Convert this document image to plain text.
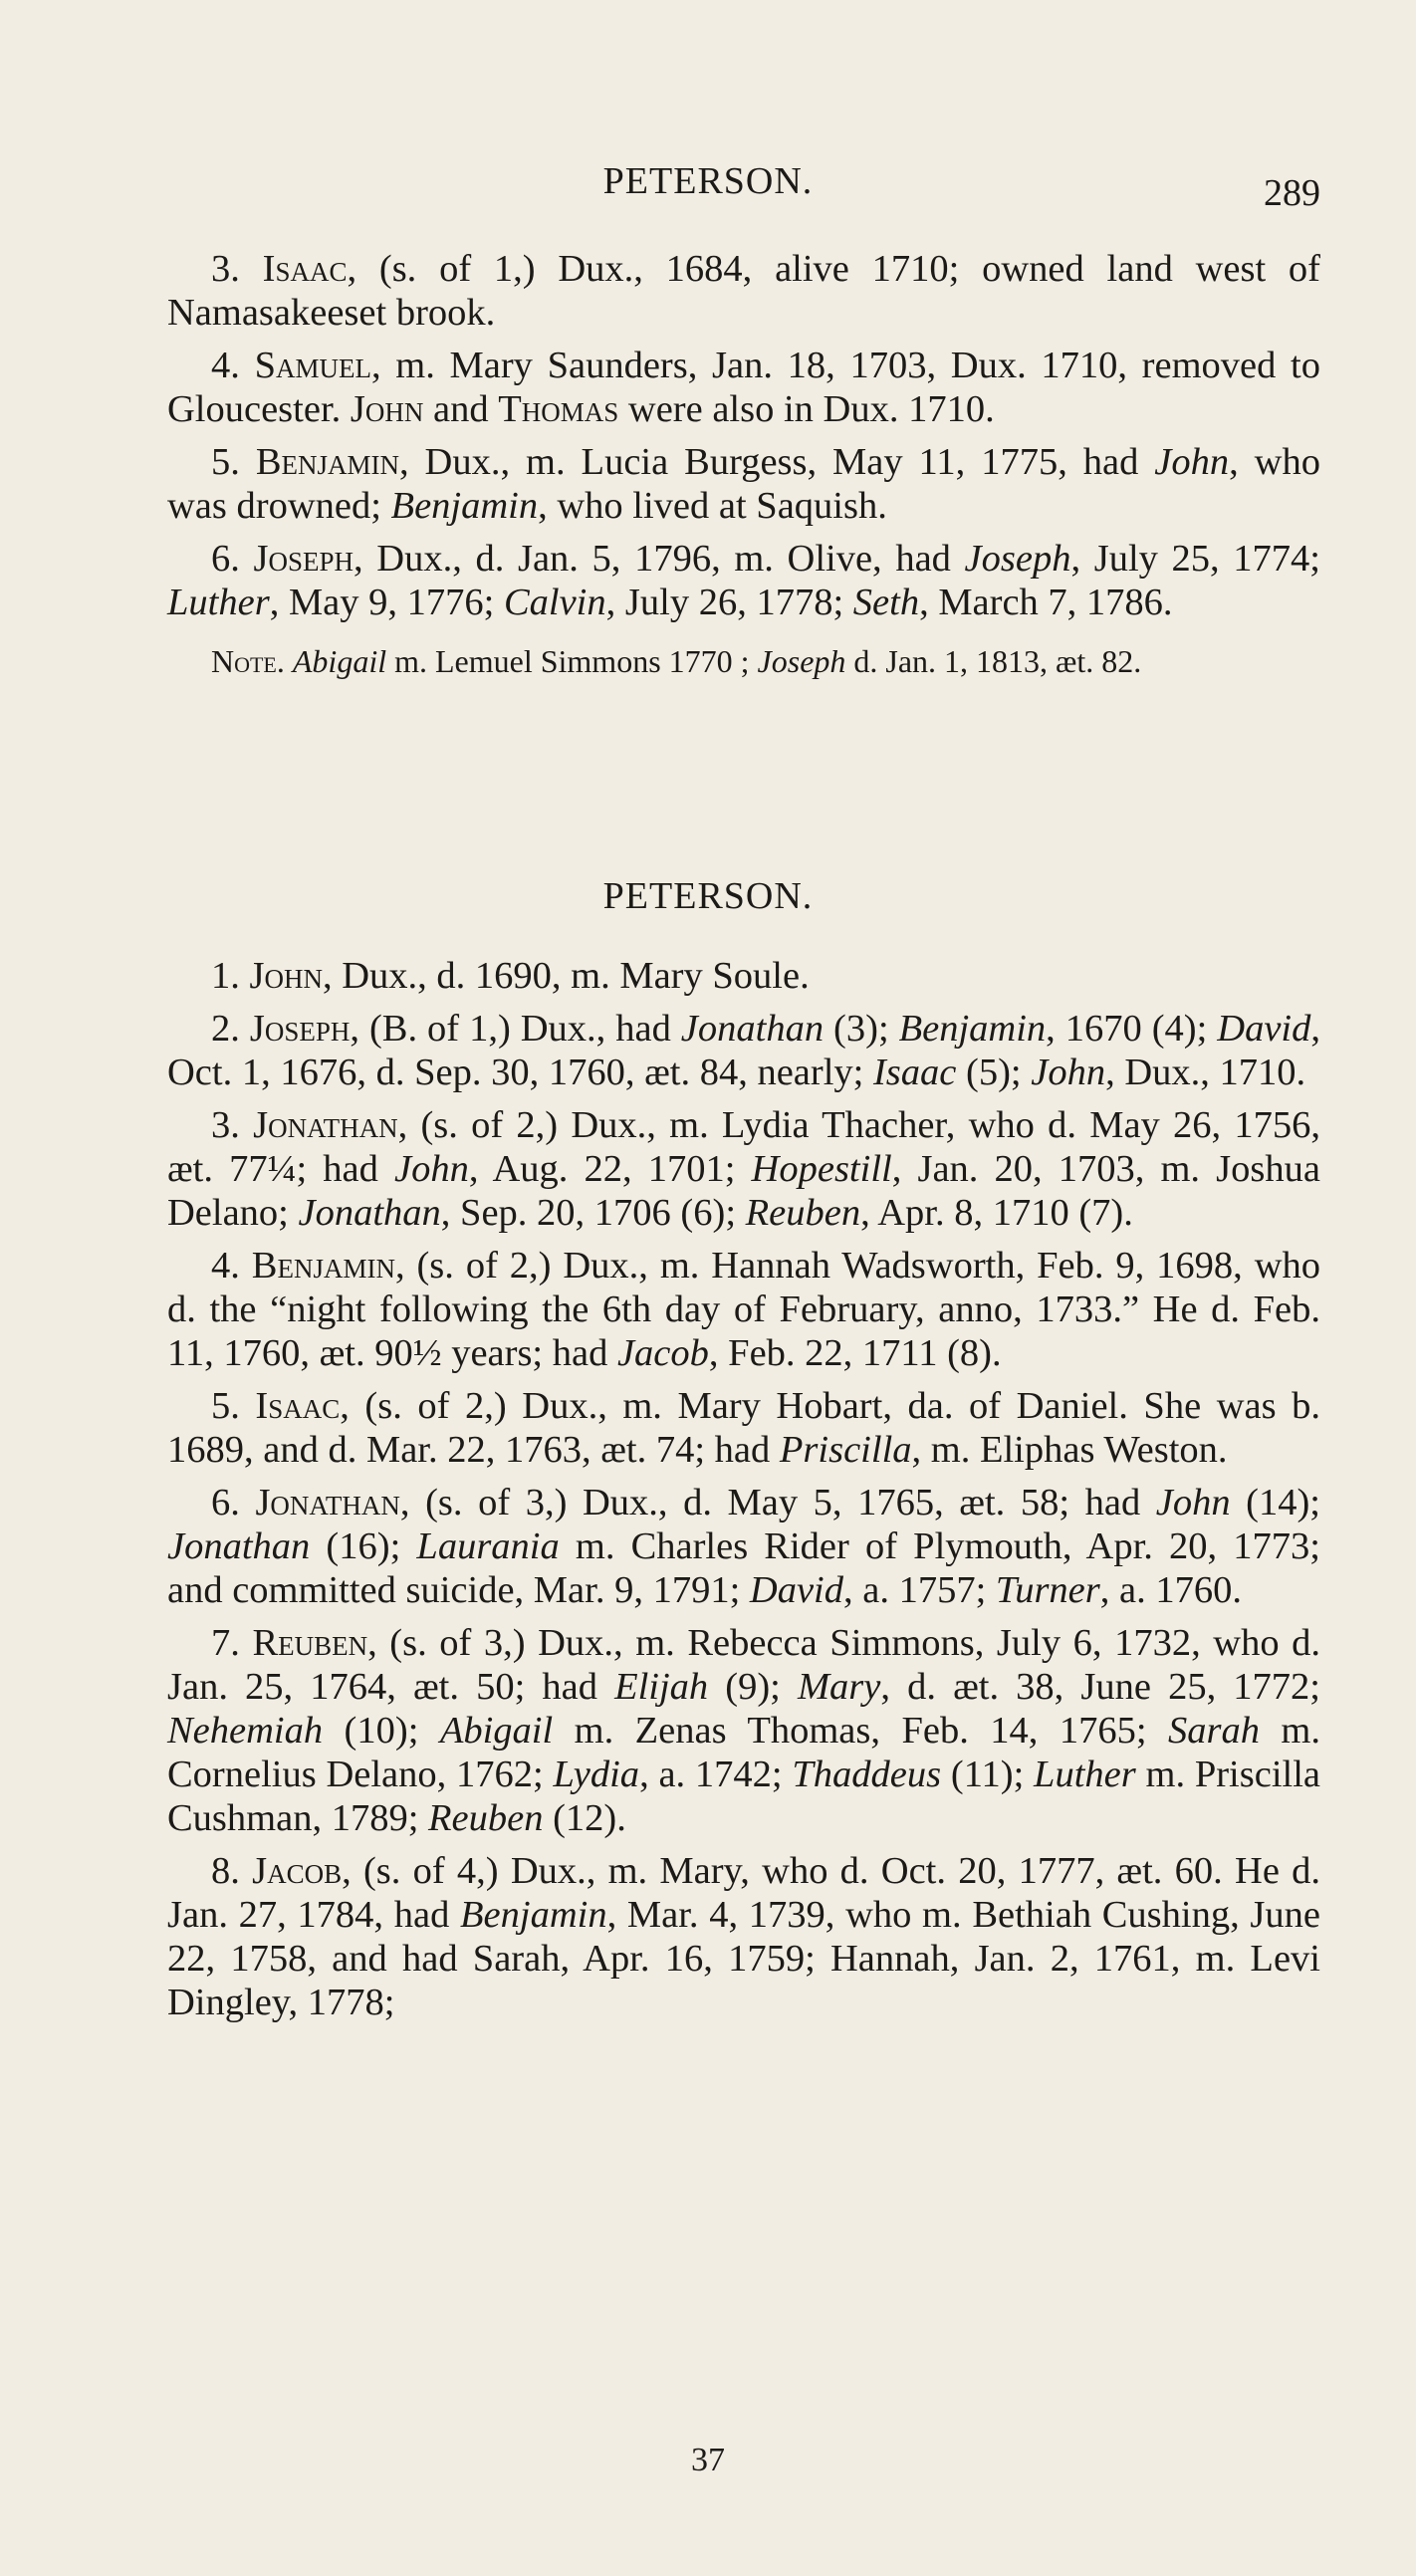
PETERSON.	289

3. Isaac, (s. of 1,) Dux., 1684, alive 1710; owned land west of Namasakeeset brook.

4. Samuel, m. Mary Saunders, Jan. 18, 1703, Dux. 1710, removed to Gloucester. John and Thomas were also in Dux. 1710.

5. Benjamin, Dux., m. Lucia Burgess, May 11, 1775, had John, who was drowned; Benjamin, who lived at Saquish.

6. Joseph, Dux., d. Jan. 5, 1796, m. Olive, had Joseph, July 25, 1774; Luther, May 9, 1776; Calvin, July 26, 1778; Seth, March 7, 1786.

Note. Abigail m. Lemuel Simmons 1770 ; Joseph d. Jan. 1, 1813, æt. 82.

PETERSON.

1. John, Dux., d. 1690, m. Mary Soule.

2. Joseph, (B. of 1,) Dux., had Jonathan (3); Benjamin, 1670 (4); David, Oct. 1, 1676, d. Sep. 30, 1760, æt. 84, nearly; Isaac (5); John, Dux., 1710.

3. Jonathan, (s. of 2,) Dux., m. Lydia Thacher, who d. May 26, 1756, æt. 77¼; had John, Aug. 22, 1701; Hopestill, Jan. 20, 1703, m. Joshua Delano; Jonathan, Sep. 20, 1706 (6); Reuben, Apr. 8, 1710 (7).

4. Benjamin, (s. of 2,) Dux., m. Hannah Wadsworth, Feb. 9, 1698, who d. the “night following the 6th day of February, anno, 1733.” He d. Feb. 11, 1760, æt. 90½ years; had Jacob, Feb. 22, 1711 (8).

5. Isaac, (s. of 2,) Dux., m. Mary Hobart, da. of Daniel. She was b. 1689, and d. Mar. 22, 1763, æt. 74; had Priscilla, m. Eliphas Weston.

6. Jonathan, (s. of 3,) Dux., d. May 5, 1765, æt. 58; had John (14); Jonathan (16); Laurania m. Charles Rider of Plymouth, Apr. 20, 1773; and committed suicide, Mar. 9, 1791; David, a. 1757; Turner, a. 1760.

7. Reuben, (s. of 3,) Dux., m. Rebecca Simmons, July 6, 1732, who d. Jan. 25, 1764, æt. 50; had Elijah (9); Mary, d. æt. 38, June 25, 1772; Nehemiah (10); Abigail m. Zenas Thomas, Feb. 14, 1765; Sarah m. Cornelius Delano, 1762; Lydia, a. 1742; Thaddeus (11); Luther m. Priscilla Cushman, 1789; Reuben (12).

8. Jacob, (s. of 4,) Dux., m. Mary, who d. Oct. 20, 1777, æt. 60. He d. Jan. 27, 1784, had Benjamin, Mar. 4, 1739, who m. Bethiah Cushing, June 22, 1758, and had Sarah, Apr. 16, 1759; Hannah, Jan. 2, 1761, m. Levi Dingley, 1778;

37
